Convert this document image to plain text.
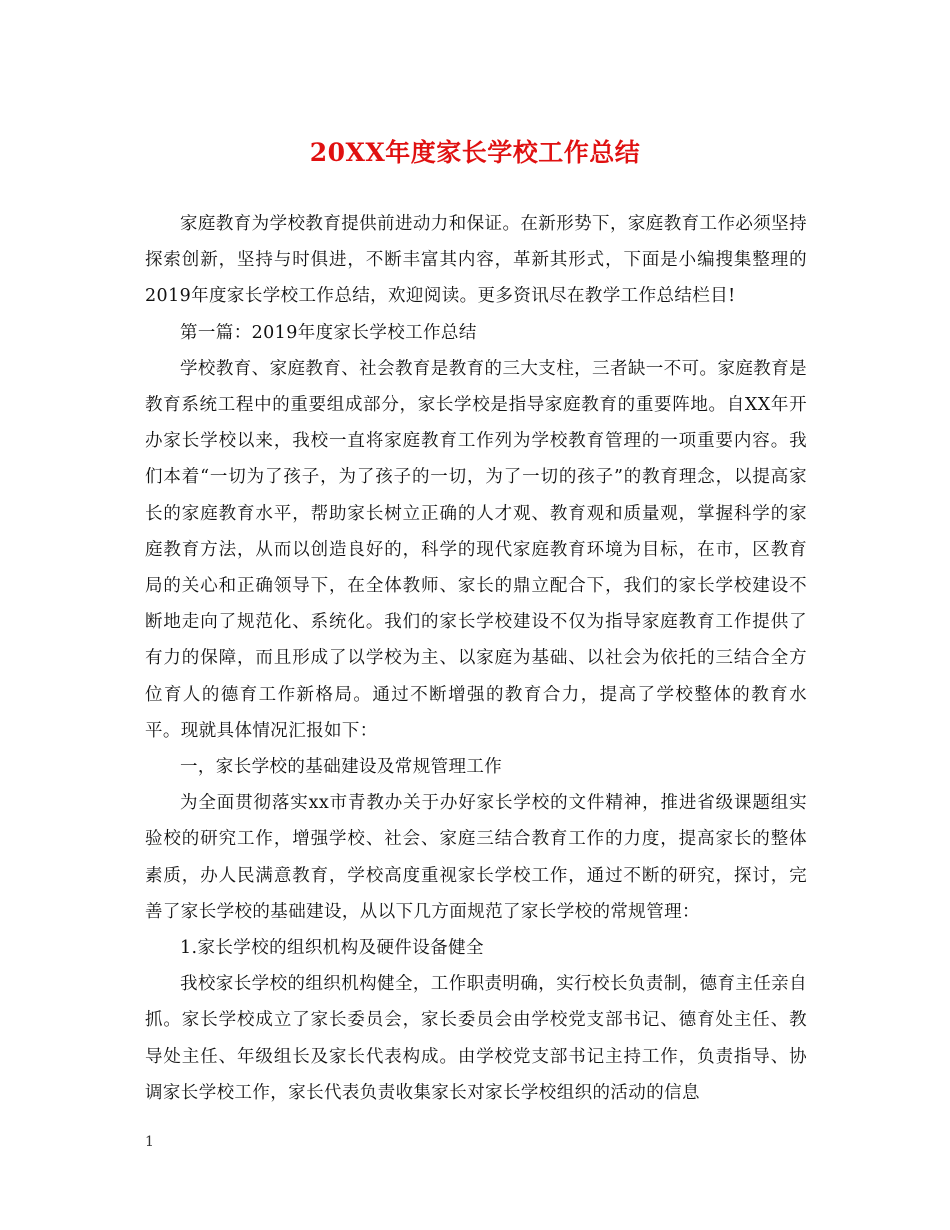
20XX年度家长学校工作总结

家庭教育为学校教育提供前进动力和保证。在新形势下，家庭教育工作必须坚持探索创新，坚持与时俱进，不断丰富其内容，革新其形式，下面是小编搜集整理的2019年度家长学校工作总结，欢迎阅读。更多资讯尽在教学工作总结栏目!

第一篇：2019年度家长学校工作总结

学校教育、家庭教育、社会教育是教育的三大支柱，三者缺一不可。家庭教育是教育系统工程中的重要组成部分，家长学校是指导家庭教育的重要阵地。自XX年开办家长学校以来，我校一直将家庭教育工作列为学校教育管理的一项重要内容。我们本着“一切为了孩子，为了孩子的一切，为了一切的孩子”的教育理念，以提高家长的家庭教育水平，帮助家长树立正确的人才观、教育观和质量观，掌握科学的家庭教育方法，从而以创造良好的，科学的现代家庭教育环境为目标，在市，区教育局的关心和正确领导下，在全体教师、家长的鼎立配合下，我们的家长学校建设不断地走向了规范化、系统化。我们的家长学校建设不仅为指导家庭教育工作提供了有力的保障，而且形成了以学校为主、以家庭为基础、以社会为依托的三结合全方位育人的德育工作新格局。通过不断增强的教育合力，提高了学校整体的教育水平。现就具体情况汇报如下：

一，家长学校的基础建设及常规管理工作

为全面贯彻落实xx市青教办关于办好家长学校的文件精神，推进省级课题组实验校的研究工作，增强学校、社会、家庭三结合教育工作的力度，提高家长的整体素质，办人民满意教育，学校高度重视家长学校工作，通过不断的研究，探讨，完善了家长学校的基础建设，从以下几方面规范了家长学校的常规管理：

1.家长学校的组织机构及硬件设备健全

我校家长学校的组织机构健全，工作职责明确，实行校长负责制，德育主任亲自抓。家长学校成立了家长委员会，家长委员会由学校党支部书记、德育处主任、教导处主任、年级组长及家长代表构成。由学校党支部书记主持工作，负责指导、协调家长学校工作，家长代表负责收集家长对家长学校组织的活动的信息

1
